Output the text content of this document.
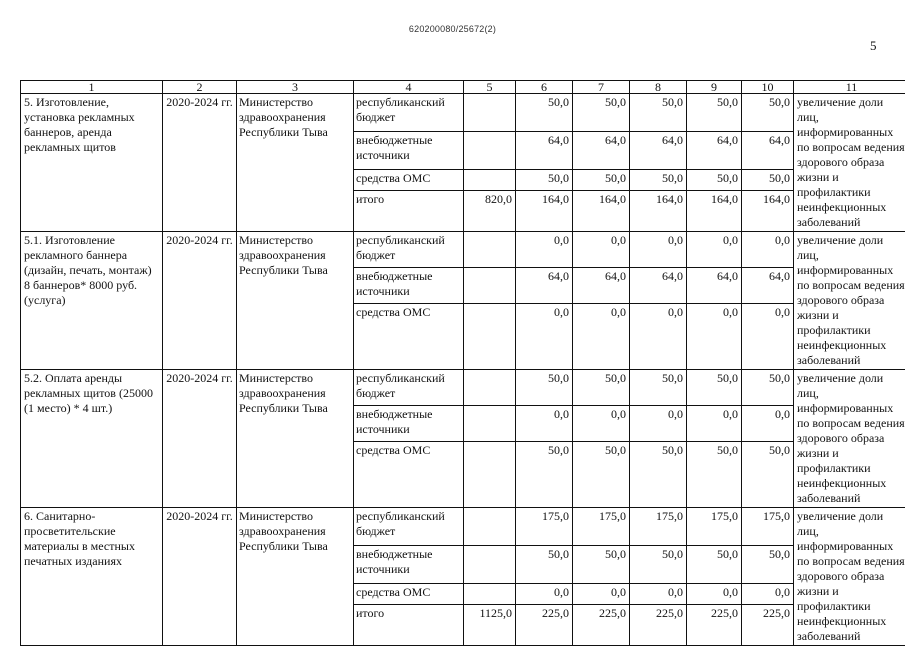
620200080/25672(2)
5
1	2	3	4	5	6	7	8	9	10	11
5. Изготовление, установка рекламных баннеров, аренда рекламных щитов	2020-2024 гг.	Министерство здравоохранения Республики Тыва	республиканский бюджет		50,0	50,0	50,0	50,0	50,0	увеличение доли лиц, информированных по вопросам ведения здорового образа жизни и профилактики неинфекционных заболеваний
			внебюджетные источники		64,0	64,0	64,0	64,0	64,0	
			средства ОМС		50,0	50,0	50,0	50,0	50,0	
			итого	820,0	164,0	164,0	164,0	164,0	164,0	
5.1. Изготовление рекламного баннера (дизайн, печать, монтаж) 8 баннеров* 8000 руб. (услуга)	2020-2024 гг.	Министерство здравоохранения Республики Тыва	республиканский бюджет		0,0	0,0	0,0	0,0	0,0	увеличение доли лиц, информированных по вопросам ведения здорового образа жизни и профилактики неинфекционных заболеваний
			внебюджетные источники		64,0	64,0	64,0	64,0	64,0	
			средства ОМС		0,0	0,0	0,0	0,0	0,0	
5.2. Оплата аренды рекламных щитов (25000 (1 место) * 4 шт.)	2020-2024 гг.	Министерство здравоохранения Республики Тыва	республиканский бюджет		50,0	50,0	50,0	50,0	50,0	увеличение доли лиц, информированных по вопросам ведения здорового образа жизни и профилактики неинфекционных заболеваний
			внебюджетные источники		0,0	0,0	0,0	0,0	0,0	
			средства ОМС		50,0	50,0	50,0	50,0	50,0	
6. Санитарно-просветительские материалы в местных печатных изданиях	2020-2024 гг.	Министерство здравоохранения Республики Тыва	республиканский бюджет		175,0	175,0	175,0	175,0	175,0	увеличение доли лиц, информированных по вопросам ведения здорового образа жизни и профилактики неинфекционных заболеваний
			внебюджетные источники		50,0	50,0	50,0	50,0	50,0	
			средства ОМС		0,0	0,0	0,0	0,0	0,0	
			итого	1125,0	225,0	225,0	225,0	225,0	225,0	
